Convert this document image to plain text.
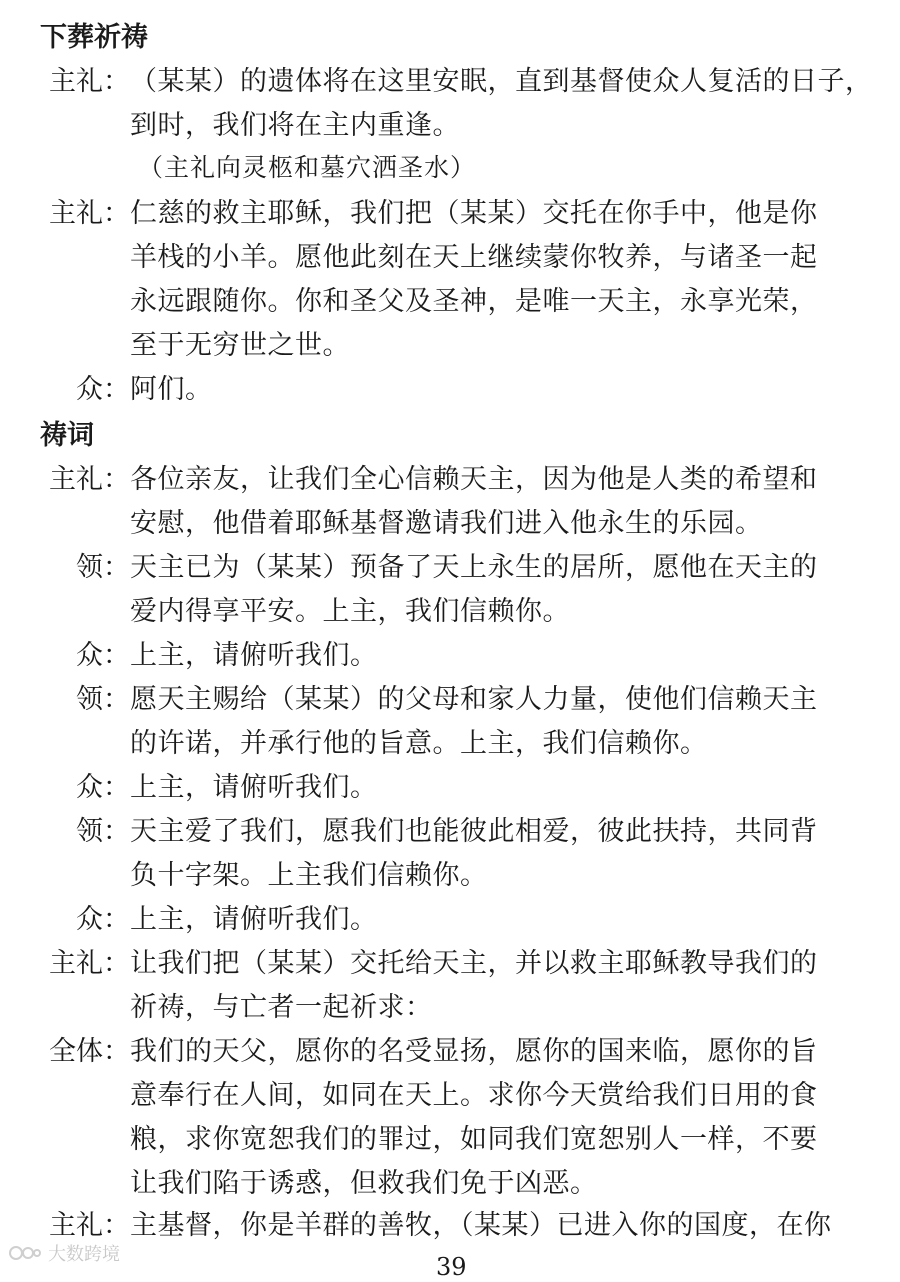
下葬祈祷
主礼： （某某）的遗体将在这里安眠，直到基督使众人复活的日子，
到时，我们将在主内重逢。
（主礼向灵柩和墓穴洒圣水）
主礼： 仁慈的救主耶稣，我们把（某某）交托在你手中，他是你
羊栈的小羊。愿他此刻在天上继续蒙你牧养，与诸圣一起
永远跟随你。你和圣父及圣神，是唯一天主，永享光荣，
至于无穷世之世。
众： 阿们。
祷词
主礼： 各位亲友，让我们全心信赖天主，因为他是人类的希望和
安慰，他借着耶稣基督邀请我们进入他永生的乐园。
领： 天主已为（某某）预备了天上永生的居所，愿他在天主的
爱内得享平安。上主，我们信赖你。
众： 上主，请俯听我们。
领： 愿天主赐给（某某）的父母和家人力量，使他们信赖天主
的许诺，并承行他的旨意。上主，我们信赖你。
众： 上主，请俯听我们。
领： 天主爱了我们，愿我们也能彼此相爱，彼此扶持，共同背
负十字架。上主我们信赖你。
众： 上主，请俯听我们。
主礼： 让我们把（某某）交托给天主，并以救主耶稣教导我们的
祈祷，与亡者一起祈求：
全体： 我们的天父，愿你的名受显扬，愿你的国来临，愿你的旨
意奉行在人间，如同在天上。求你今天赏给我们日用的食
粮，求你宽恕我们的罪过，如同我们宽恕别人一样，不要
让我们陷于诱惑，但救我们免于凶恶。
主礼： 主基督，你是羊群的善牧，（某某）已进入你的国度，在你
39
大数跨境
